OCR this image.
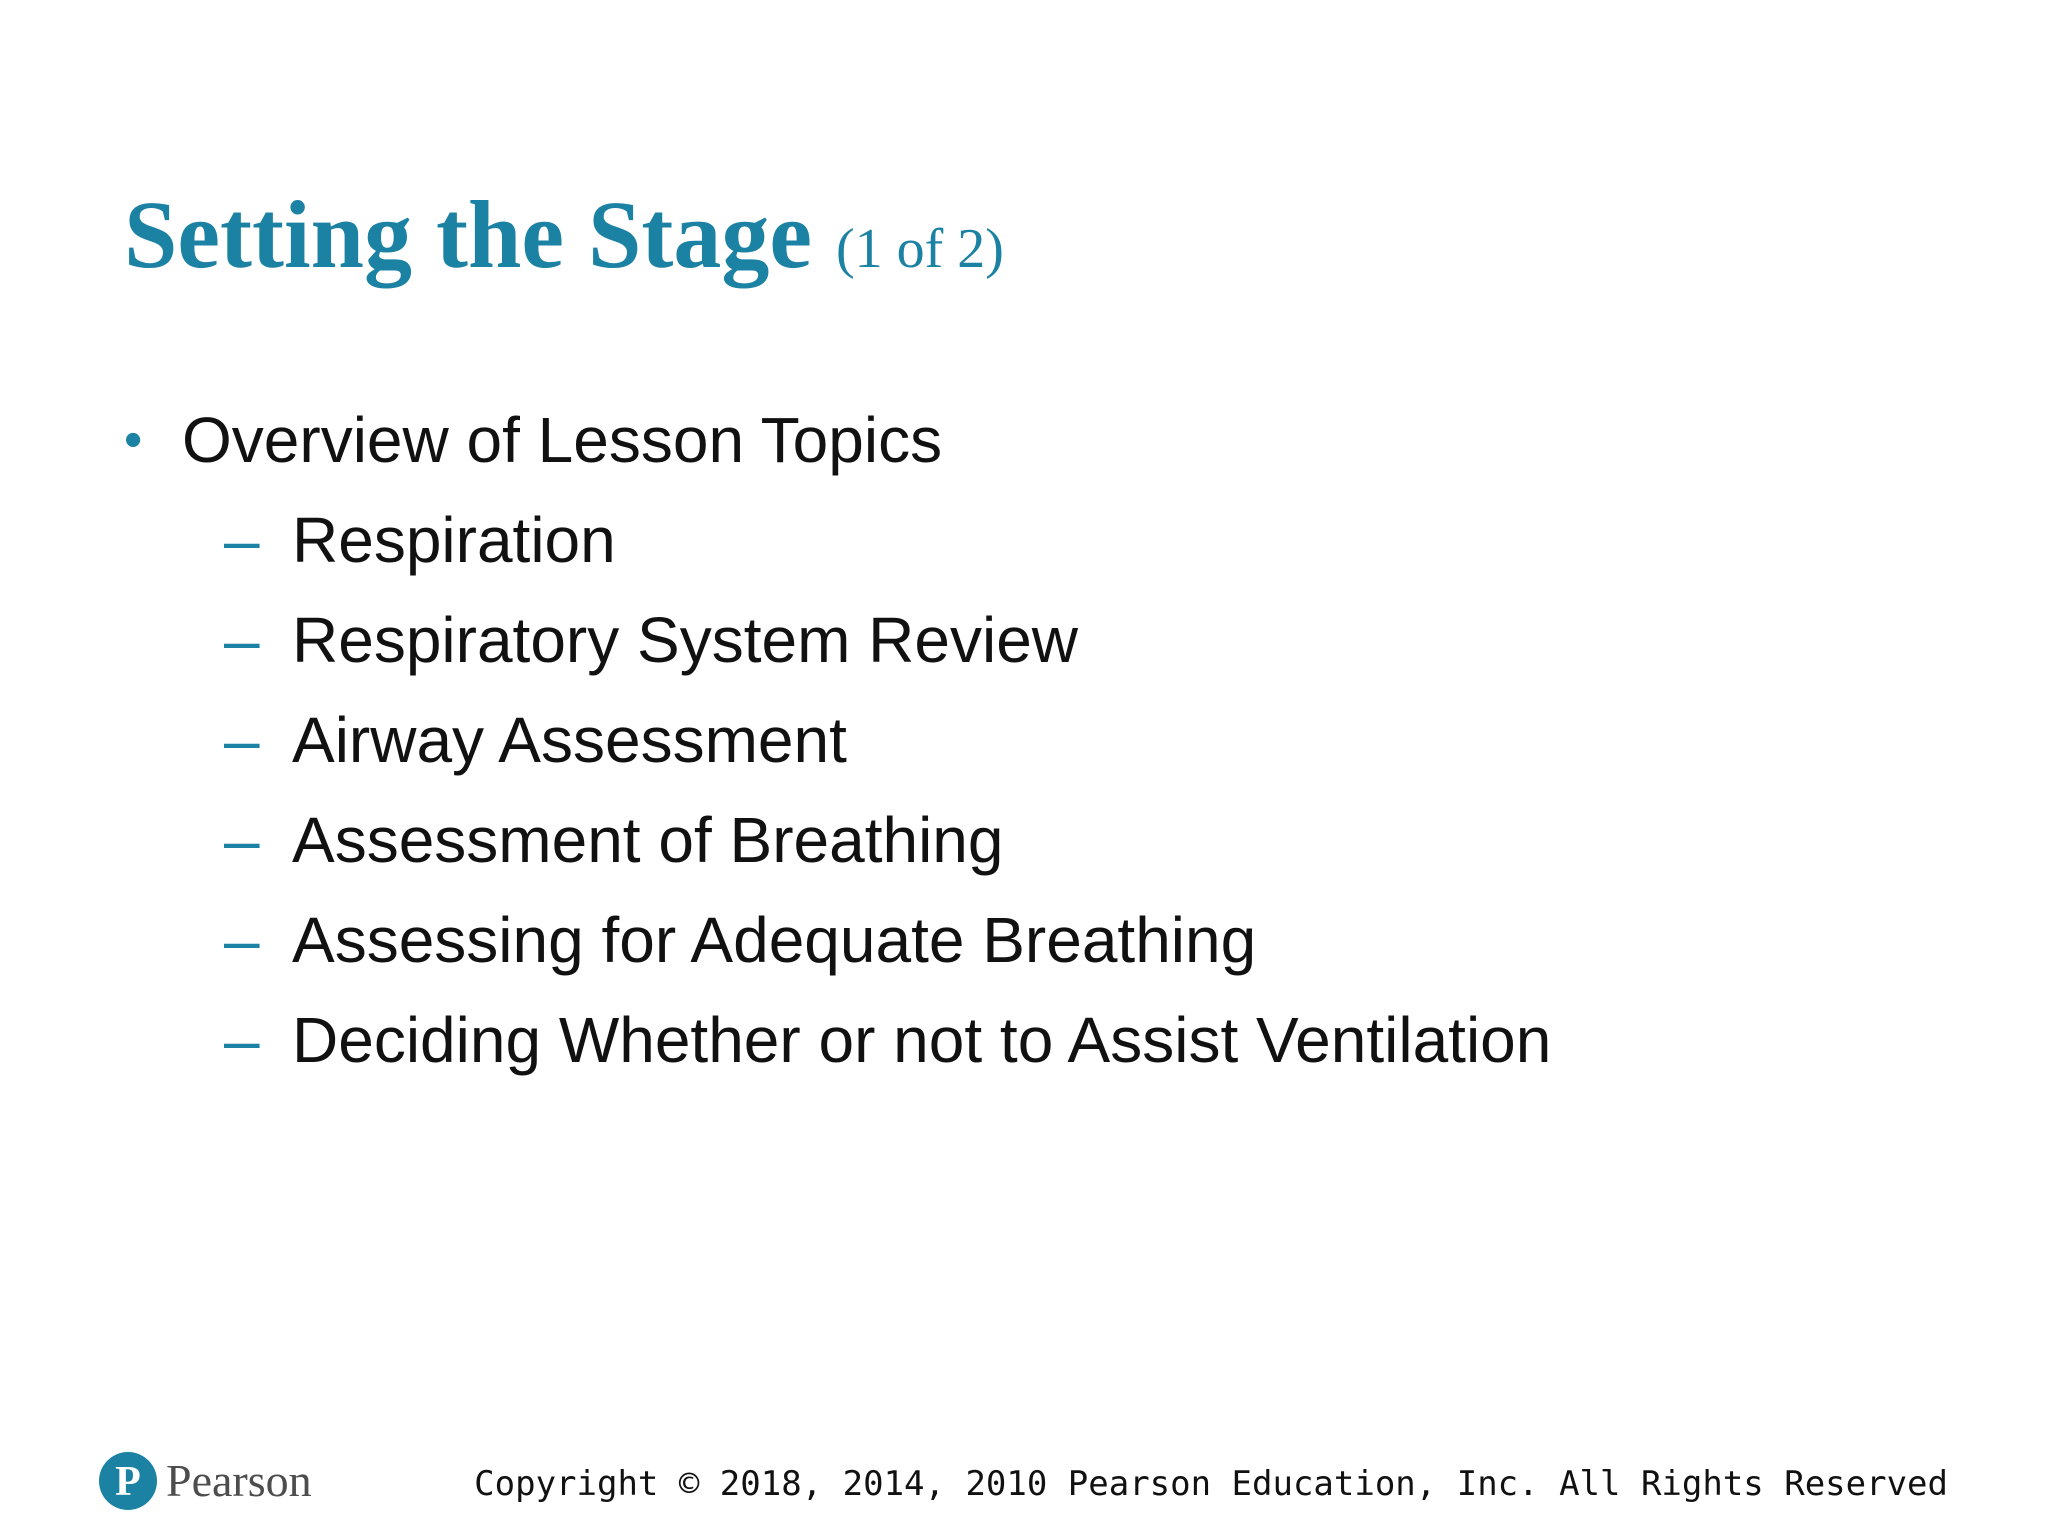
Setting the Stage (1 of 2)
• Overview of Lesson Topics
– Respiration
– Respiratory System Review
– Airway Assessment
– Assessment of Breathing
– Assessing for Adequate Breathing
– Deciding Whether or not to Assist Ventilation
P Pearson	Copyright © 2018, 2014, 2010 Pearson Education, Inc. All Rights Reserved
